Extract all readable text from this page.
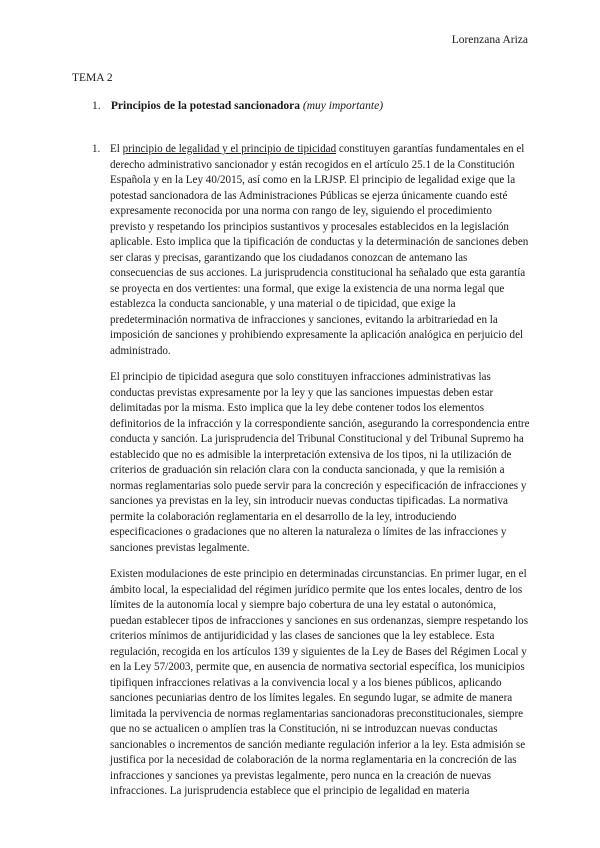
Lorenzana Ariza
TEMA 2
1. Principios de la potestad sancionadora (muy importante)

1. El principio de legalidad y el principio de tipicidad constituyen garantías fundamentales en el derecho administrativo sancionador y están recogidos en el artículo 25.1 de la Constitución Española y en la Ley 40/2015, así como en la LRJSP. El principio de legalidad exige que la potestad sancionadora de las Administraciones Públicas se ejerza únicamente cuando esté expresamente reconocida por una norma con rango de ley, siguiendo el procedimiento previsto y respetando los principios sustantivos y procesales establecidos en la legislación aplicable. Esto implica que la tipificación de conductas y la determinación de sanciones deben ser claras y precisas, garantizando que los ciudadanos conozcan de antemano las consecuencias de sus acciones. La jurisprudencia constitucional ha señalado que esta garantía se proyecta en dos vertientes: una formal, que exige la existencia de una norma legal que establezca la conducta sancionable, y una material o de tipicidad, que exige la predeterminación normativa de infracciones y sanciones, evitando la arbitrariedad en la imposición de sanciones y prohibiendo expresamente la aplicación analógica en perjuicio del administrado.

El principio de tipicidad asegura que solo constituyen infracciones administrativas las conductas previstas expresamente por la ley y que las sanciones impuestas deben estar delimitadas por la misma. Esto implica que la ley debe contener todos los elementos definitorios de la infracción y la correspondiente sanción, asegurando la correspondencia entre conducta y sanción. La jurisprudencia del Tribunal Constitucional y del Tribunal Supremo ha establecido que no es admisible la interpretación extensiva de los tipos, ni la utilización de criterios de graduación sin relación clara con la conducta sancionada, y que la remisión a normas reglamentarias solo puede servir para la concreción y especificación de infracciones y sanciones ya previstas en la ley, sin introducir nuevas conductas tipificadas. La normativa permite la colaboración reglamentaria en el desarrollo de la ley, introduciendo especificaciones o gradaciones que no alteren la naturaleza o límites de las infracciones y sanciones previstas legalmente.

Existen modulaciones de este principio en determinadas circunstancias. En primer lugar, en el ámbito local, la especialidad del régimen jurídico permite que los entes locales, dentro de los límites de la autonomía local y siempre bajo cobertura de una ley estatal o autonómica, puedan establecer tipos de infracciones y sanciones en sus ordenanzas, siempre respetando los criterios mínimos de antijuridicidad y las clases de sanciones que la ley establece. Esta regulación, recogida en los artículos 139 y siguientes de la Ley de Bases del Régimen Local y en la Ley 57/2003, permite que, en ausencia de normativa sectorial específica, los municipios tipifiquen infracciones relativas a la convivencia local y a los bienes públicos, aplicando sanciones pecuniarias dentro de los límites legales. En segundo lugar, se admite de manera limitada la pervivencia de normas reglamentarias sancionadoras preconstitucionales, siempre que no se actualicen o amplíen tras la Constitución, ni se introduzcan nuevas conductas sancionables o incrementos de sanción mediante regulación inferior a la ley. Esta admisión se justifica por la necesidad de colaboración de la norma reglamentaria en la concreción de las infracciones y sanciones ya previstas legalmente, pero nunca en la creación de nuevas infracciones. La jurisprudencia establece que el principio de legalidad en materia
